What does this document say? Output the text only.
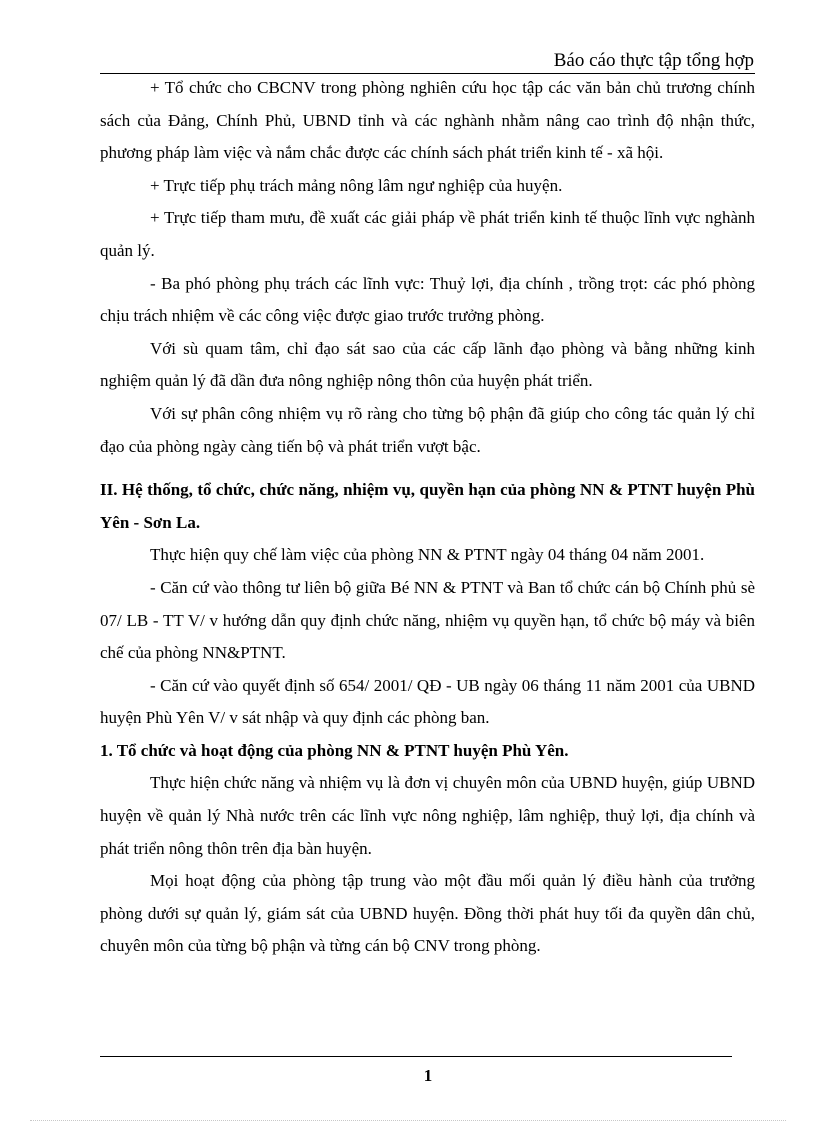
Báo cáo thực tập tổng hợp

+ Tổ chức cho CBCNV trong phòng nghiên cứu học tập các văn bản chủ trương chính sách của Đảng, Chính Phủ, UBND tỉnh và các nghành nhằm nâng cao trình độ nhận thức, phương pháp làm việc và nắm chắc được các chính sách phát triển kinh tế - xã hội.

+ Trực tiếp phụ trách mảng nông lâm ngư nghiệp của huyện.

+ Trực tiếp tham mưu, đề xuất các giải pháp về phát triển kinh tế thuộc lĩnh vực nghành quản lý.

- Ba phó phòng phụ trách các lĩnh vực: Thuỷ lợi, địa chính , trồng trọt: các phó phòng chịu trách nhiệm về các công việc được giao trước trưởng phòng.

Với sù quam tâm, chỉ đạo sát sao của các cấp lãnh đạo phòng và bằng những kinh nghiệm quản lý đã dần đưa nông nghiệp nông thôn của huyện phát triển.

Với sự phân công nhiệm vụ rõ ràng cho từng bộ phận đã giúp cho công tác quản lý chỉ đạo của phòng ngày càng tiến bộ và phát triển vượt bậc.

II. Hệ thống, tổ chức, chức năng, nhiệm vụ, quyền hạn của phòng NN & PTNT huyện Phù Yên - Sơn La.

Thực hiện quy chế làm việc của phòng NN & PTNT ngày 04 tháng 04 năm 2001.

- Căn cứ vào thông tư liên bộ giữa Bé NN & PTNT và Ban tổ chức cán bộ Chính phủ sè 07/ LB - TT V/ v hướng dẫn quy định chức năng, nhiệm vụ quyền hạn, tổ chức bộ máy và biên chế của phòng NN&PTNT.

- Căn cứ vào quyết định số 654/ 2001/ QĐ - UB ngày 06 tháng 11 năm 2001 của UBND huyện Phù Yên V/ v sát nhập và quy định các phòng ban.

1. Tổ chức và hoạt động của phòng NN & PTNT huyện Phù Yên.

Thực hiện chức năng và nhiệm vụ là đơn vị chuyên môn của UBND huyện, giúp UBND huyện về quản lý Nhà nước trên các lĩnh vực nông nghiệp, lâm nghiệp, thuỷ lợi, địa chính và phát triển nông thôn trên địa bàn huyện.

Mọi hoạt động của phòng tập trung vào một đầu mối quản lý điều hành của trưởng phòng dưới sự quản lý, giám sát của UBND huyện. Đồng thời phát huy tối đa quyền dân chủ, chuyên môn của từng bộ phận và từng cán bộ CNV trong phòng.

1
